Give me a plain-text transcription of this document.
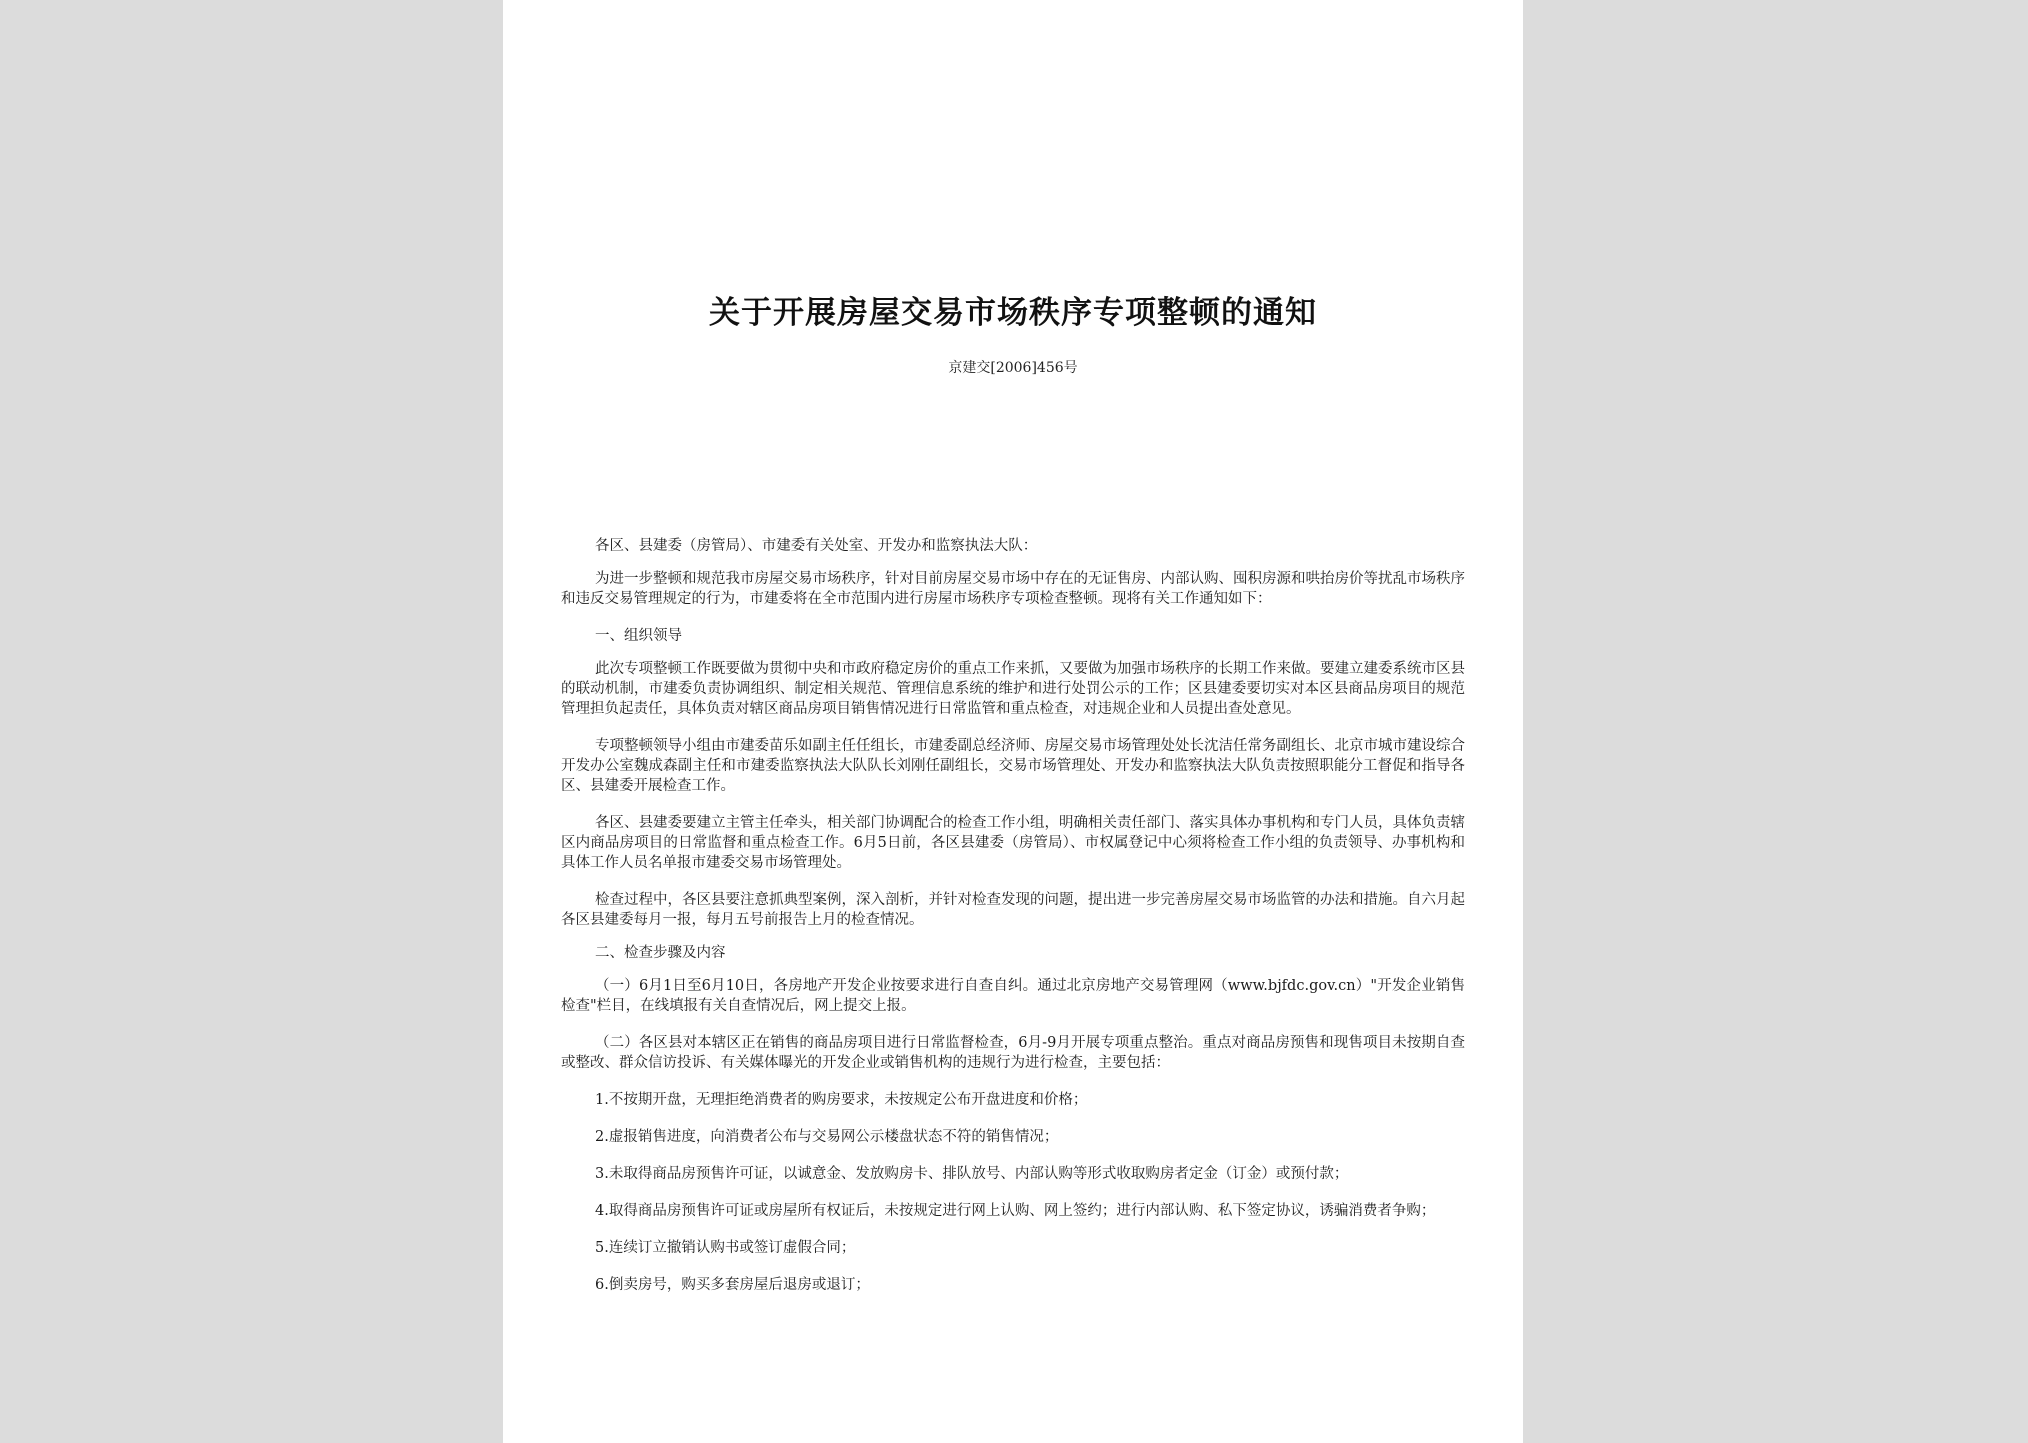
关于开展房屋交易市场秩序专项整顿的通知
京建交[2006]456号

各区、县建委（房管局）、市建委有关处室、开发办和监察执法大队：

为进一步整顿和规范我市房屋交易市场秩序，针对目前房屋交易市场中存在的无证售房、内部认购、囤积房源和哄抬房价等扰乱市场秩序和违反交易管理规定的行为，市建委将在全市范围内进行房屋市场秩序专项检查整顿。现将有关工作通知如下：

一、组织领导

此次专项整顿工作既要做为贯彻中央和市政府稳定房价的重点工作来抓，又要做为加强市场秩序的长期工作来做。要建立建委系统市区县的联动机制，市建委负责协调组织、制定相关规范、管理信息系统的维护和进行处罚公示的工作；区县建委要切实对本区县商品房项目的规范管理担负起责任，具体负责对辖区商品房项目销售情况进行日常监管和重点检查，对违规企业和人员提出查处意见。

专项整顿领导小组由市建委苗乐如副主任任组长，市建委副总经济师、房屋交易市场管理处处长沈洁任常务副组长、北京市城市建设综合开发办公室魏成森副主任和市建委监察执法大队队长刘刚任副组长，交易市场管理处、开发办和监察执法大队负责按照职能分工督促和指导各区、县建委开展检查工作。

各区、县建委要建立主管主任牵头，相关部门协调配合的检查工作小组，明确相关责任部门、落实具体办事机构和专门人员，具体负责辖区内商品房项目的日常监督和重点检查工作。6月5日前，各区县建委（房管局）、市权属登记中心须将检查工作小组的负责领导、办事机构和具体工作人员名单报市建委交易市场管理处。

检查过程中，各区县要注意抓典型案例，深入剖析，并针对检查发现的问题，提出进一步完善房屋交易市场监管的办法和措施。自六月起各区县建委每月一报，每月五号前报告上月的检查情况。

二、检查步骤及内容

（一）6月1日至6月10日，各房地产开发企业按要求进行自查自纠。通过北京房地产交易管理网（www.bjfdc.gov.cn）"开发企业销售检查"栏目，在线填报有关自查情况后，网上提交上报。

（二）各区县对本辖区正在销售的商品房项目进行日常监督检查，6月-9月开展专项重点整治。重点对商品房预售和现售项目未按期自查或整改、群众信访投诉、有关媒体曝光的开发企业或销售机构的违规行为进行检查，主要包括：

1.不按期开盘，无理拒绝消费者的购房要求，未按规定公布开盘进度和价格；

2.虚报销售进度，向消费者公布与交易网公示楼盘状态不符的销售情况；

3.未取得商品房预售许可证，以诚意金、发放购房卡、排队放号、内部认购等形式收取购房者定金（订金）或预付款；

4.取得商品房预售许可证或房屋所有权证后，未按规定进行网上认购、网上签约；进行内部认购、私下签定协议，诱骗消费者争购；

5.连续订立撤销认购书或签订虚假合同；

6.倒卖房号，购买多套房屋后退房或退订；
